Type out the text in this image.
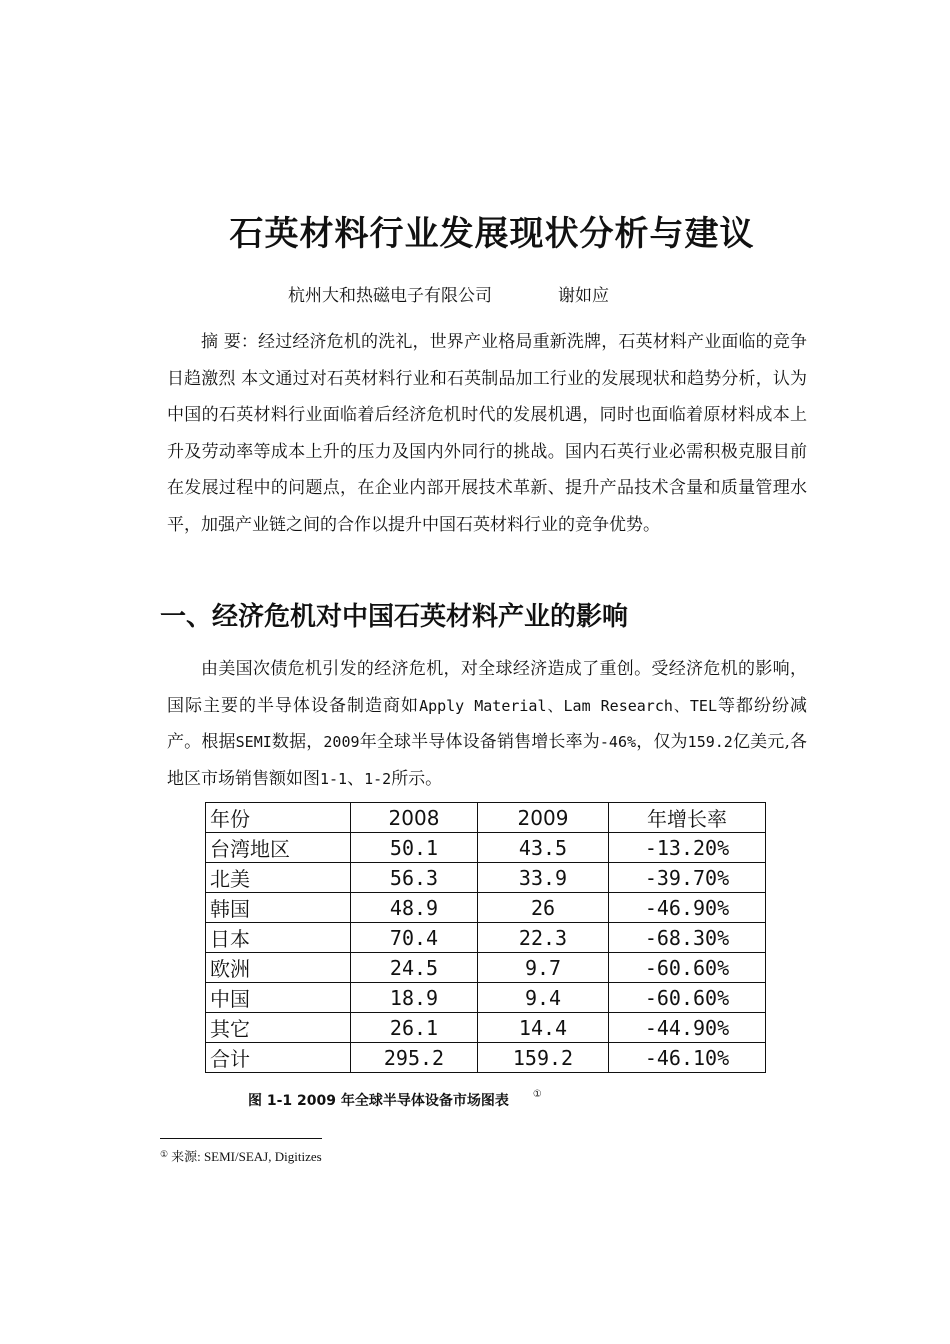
石英材料行业发展现状分析与建议
杭州大和热磁电子有限公司	谢如应

摘 要：经过经济危机的洗礼，世界产业格局重新洗牌，石英材料产业面临的竞争日趋激烈 本文通过对石英材料行业和石英制品加工行业的发展现状和趋势分析，认为中国的石英材料行业面临着后经济危机时代的发展机遇，同时也面临着原材料成本上升及劳动率等成本上升的压力及国内外同行的挑战。国内石英行业必需积极克服目前在发展过程中的问题点，在企业内部开展技术革新、提升产品技术含量和质量管理水平，加强产业链之间的合作以提升中国石英材料行业的竞争优势。

一、经济危机对中国石英材料产业的影响

由美国次债危机引发的经济危机，对全球经济造成了重创。受经济危机的影响，国际主要的半导体设备制造商如Apply Material、Lam Research、TEL等都纷纷减产。根据SEMI数据，2009年全球半导体设备销售增长率为-46%，仅为159.2亿美元,各地区市场销售额如图1-1、1-2所示。

年份	2008	2009	年增长率
台湾地区	50.1	43.5	-13.20%
北美	56.3	33.9	-39.70%
韩国	48.9	26	-46.90%
日本	70.4	22.3	-68.30%
欧洲	24.5	9.7	-60.60%
中国	18.9	9.4	-60.60%
其它	26.1	14.4	-44.90%
合计	295.2	159.2	-46.10%
图 1-1 2009 年全球半导体设备市场图表 ①
① 来源: SEMI/SEAJ, Digitizes
